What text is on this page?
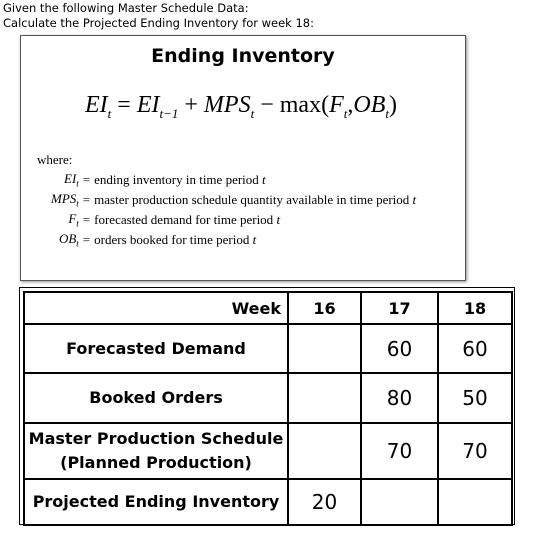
Given the following Master Schedule Data:
Calculate the Projected Ending Inventory for week 18:
Ending Inventory
$EI_t = EI_{t-1} + MPS_t - \max(F_t,OB_t)$
where:
$EI_t$	=	ending inventory in time period t
$MPS_t$	=	master production schedule quantity available in time period t
$F_t$	=	forecasted demand for time period t
$OB_t$	=	orders booked for time period t
Week	16	17	18
Forecasted Demand		60	60
Booked Orders		80	50

Master Production Schedule
(Planned Production)		70	70
Projected Ending Inventory	20		
